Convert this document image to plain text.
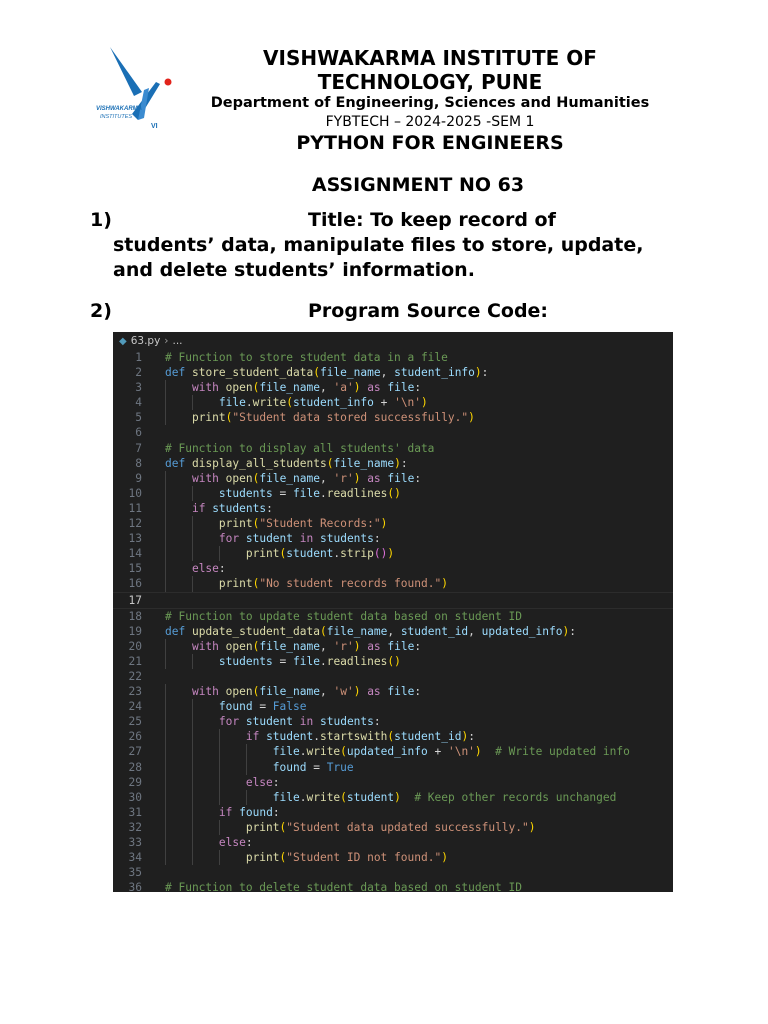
VISHWAKARMA
INSTITUTES
VI
VISHWAKARMA INSTITUTE OF
TECHNOLOGY, PUNE
Department of Engineering, Sciences and Humanities
FYBTECH – 2024-2025 -SEM 1
PYTHON FOR ENGINEERS
ASSIGNMENT NO 63
1)	Title: To keep record of
students’ data, manipulate files to store, update,
and delete students’ information.
2)	Program Source Code:
◆ 63.py › ...
1 # Function to store student data in a file
2 def store_student_data(file_name, student_info):
3	with open(file_name, 'a') as file:
4	file.write(student_info + '\n')
5	print("Student data stored successfully.")
6
7 # Function to display all students' data
8 def display_all_students(file_name):
9	with open(file_name, 'r') as file:
10	students = file.readlines()
11	if students:
12	print("Student Records:")
13	for student in students:
14	print(student.strip())
15	else:
16	print("No student records found.")
17
18 # Function to update student data based on student ID
19 def update_student_data(file_name, student_id, updated_info):
20	with open(file_name, 'r') as file:
21	students = file.readlines()
22
23	with open(file_name, 'w') as file:
24	found = False
25	for student in students:
26	if student.startswith(student_id):
27	file.write(updated_info + '\n') # Write updated info
28	found = True
29	else:
30	file.write(student) # Keep other records unchanged
31	if found:
32	print("Student data updated successfully.")
33	else:
34	print("Student ID not found.")
35
36 # Function to delete student data based on student ID
